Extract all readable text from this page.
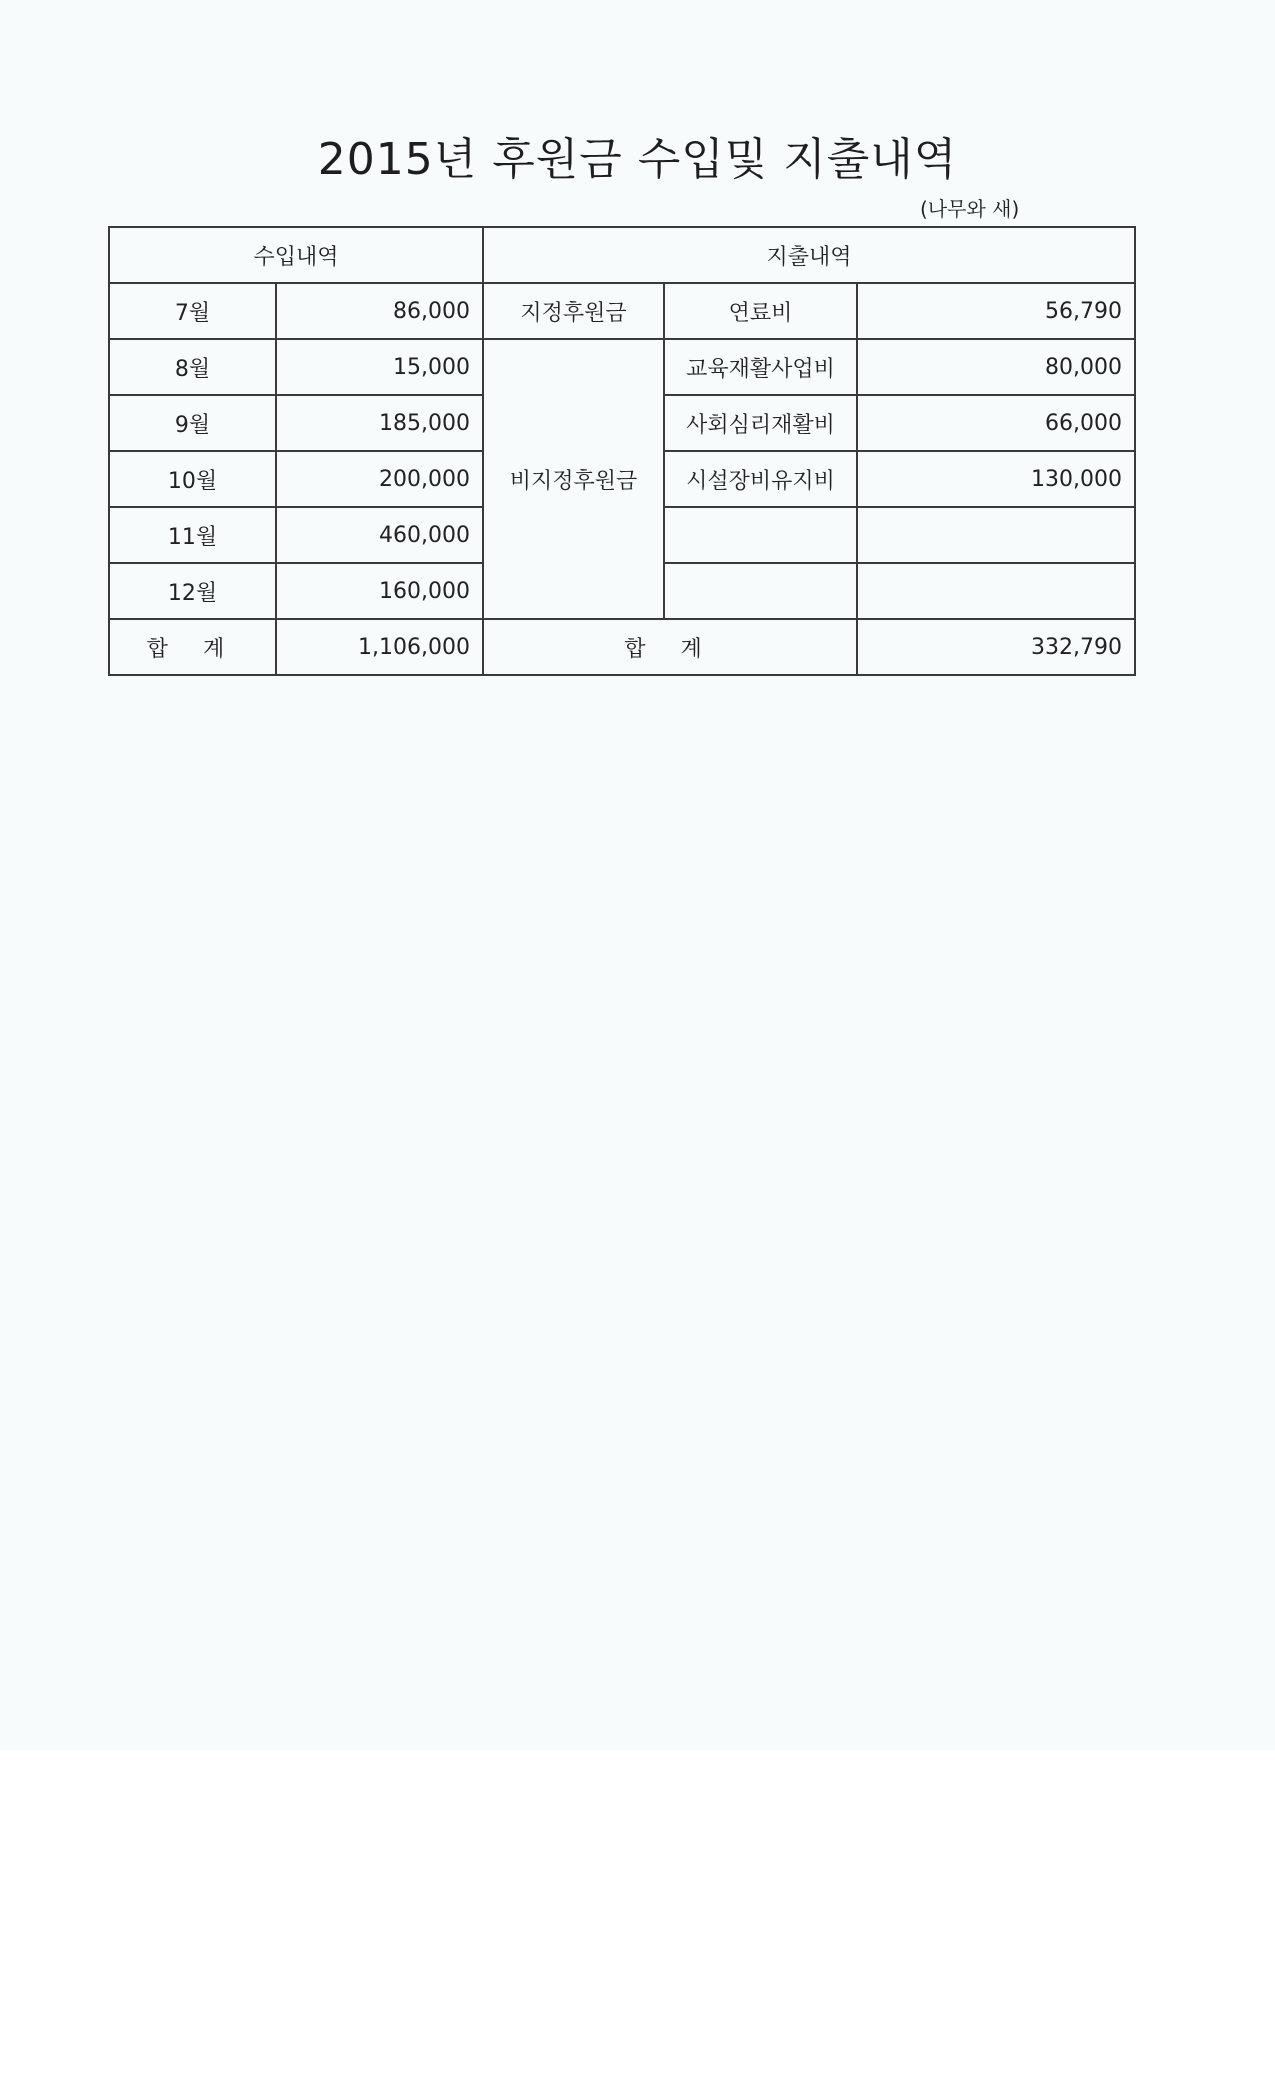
2015년 후원금 수입및 지출내역
(나무와 새)
수입내역		지출내역		
7월	86,000	지정후원금	연료비	56,790
8월	15,000	비지정후원금	교육재활사업비	80,000
9월	185,000		사회심리재활비	66,000
10월	200,000		시설장비유지비	130,000
11월	460,000			
12월	160,000			
합 계	1,106,000	합 계		332,790
